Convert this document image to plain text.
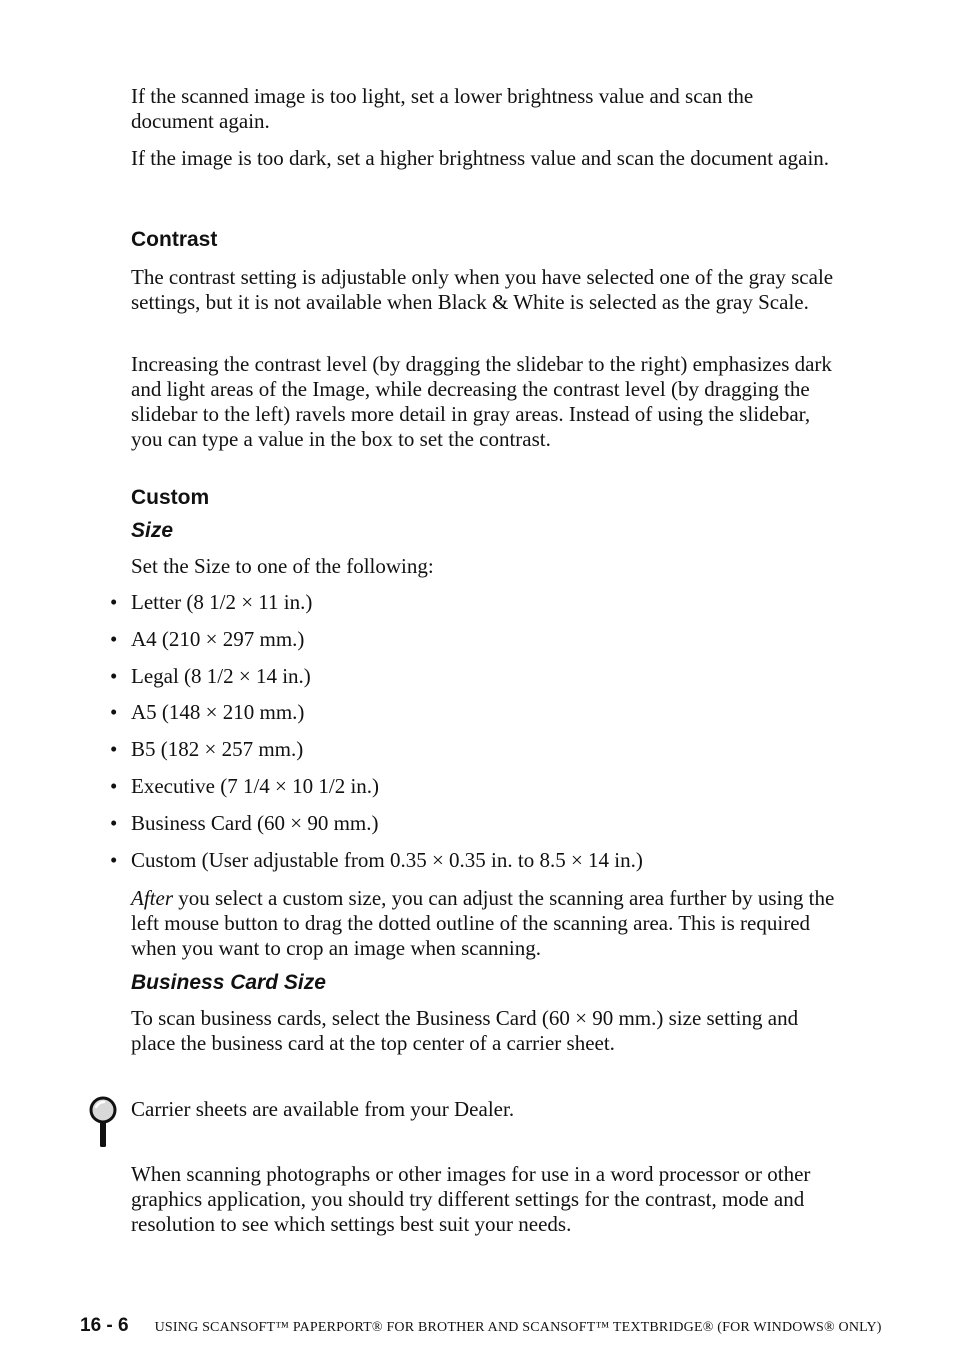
If the scanned image is too light, set a lower brightness value and scan the document again.

If the image is too dark, set a higher brightness value and scan the document again.

Contrast

The contrast setting is adjustable only when you have selected one of the gray scale settings, but it is not available when Black & White is selected as the gray Scale.

Increasing the contrast level (by dragging the slidebar to the right) emphasizes dark and light areas of the Image, while decreasing the contrast level (by dragging the slidebar to the left) ravels more detail in gray areas. Instead of using the slidebar, you can type a value in the box to set the contrast.

Custom
Size

Set the Size to one of the following:

• Letter (8 1/2 × 11 in.)
• A4 (210 × 297 mm.)
• Legal (8 1/2 × 14 in.)
• A5 (148 × 210 mm.)
• B5 (182 × 257 mm.)
• Executive (7 1/4 × 10 1/2 in.)
• Business Card (60 × 90 mm.)
• Custom (User adjustable from 0.35 × 0.35 in. to 8.5 × 14 in.)

After you select a custom size, you can adjust the scanning area further by using the left mouse button to drag the dotted outline of the scanning area. This is required when you want to crop an image when scanning.

Business Card Size

To scan business cards, select the Business Card (60 × 90 mm.) size setting and place the business card at the top center of a carrier sheet.

Carrier sheets are available from your Dealer.

When scanning photographs or other images for use in a word processor or other graphics application, you should try different settings for the contrast, mode and resolution to see which settings best suit your needs.

16 - 6 USING SCANSOFT™ PAPERPORT® FOR BROTHER AND SCANSOFT™ TEXTBRIDGE® (FOR WINDOWS® ONLY)
